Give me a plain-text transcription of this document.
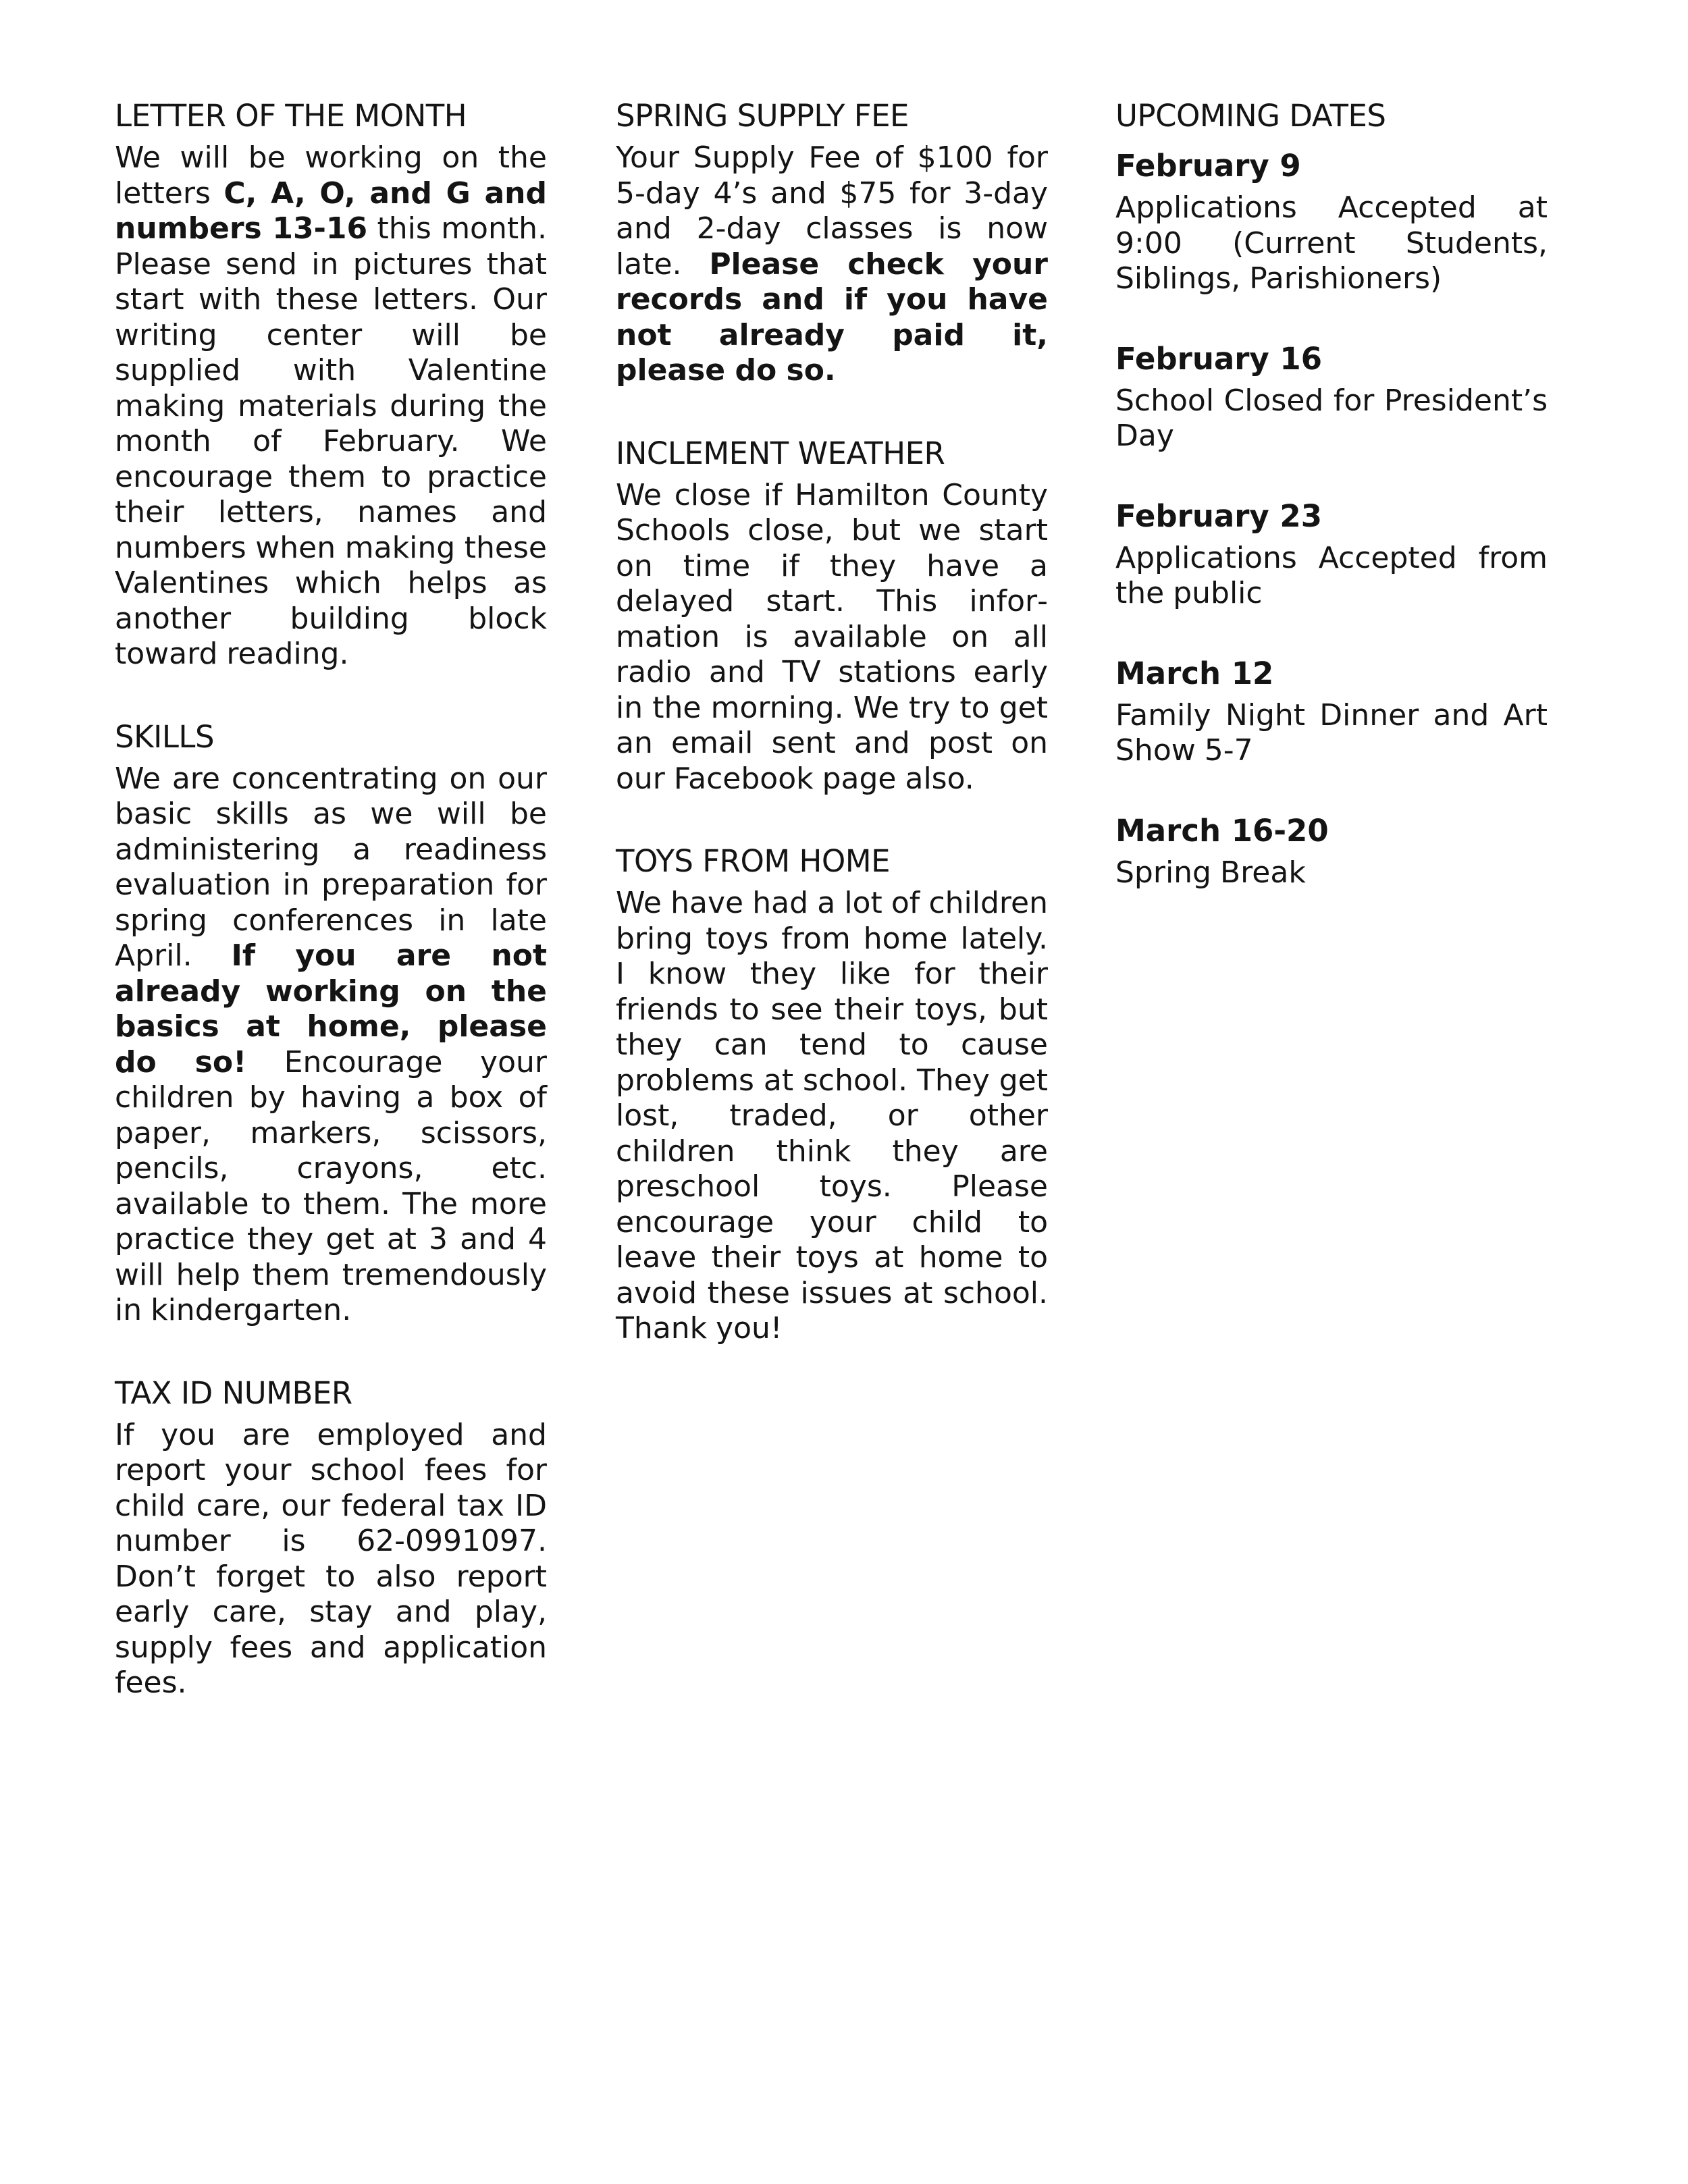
LETTER OF THE MONTH

We will be working on the letters C, A, O, and G and numbers 13-16 this month. Please send in pictures that start with these letters. Our writing center will be supplied with Valentine making materials during the month of February. We encourage them to practice their letters, names and numbers when making these Valentines which helps as another building block toward reading.

SKILLS

We are concentrating on our basic skills as we will be administering a readiness evaluation in preparation for spring conferences in late April. If you are not already working on the basics at home, please do so! Encourage your children by having a box of paper, markers, scissors, pencils, crayons, etc. available to them. The more practice they get at 3 and 4 will help them tremendously in kindergarten.

TAX ID NUMBER

If you are employed and report your school fees for child care, our federal tax ID number is 62-0991097. Don’t forget to also report early care, stay and play, supply fees and application fees.

SPRING SUPPLY FEE

Your Supply Fee of $100 for 5-day 4’s and $75 for 3-day and 2-day classes is now late. Please check your records and if you have not already paid it, please do so.

INCLEMENT WEATHER

We close if Hamilton County Schools close, but we start on time if they have a delayed start. This information is available on all radio and TV stations early in the morning. We try to get an email sent and post on our Facebook page also.

TOYS FROM HOME

We have had a lot of children bring toys from home lately. I know they like for their friends to see their toys, but they can tend to cause problems at school. They get lost, traded, or other children think they are preschool toys. Please encourage your child to leave their toys at home to avoid these issues at school. Thank you!

UPCOMING DATES
February 9

Applications Accepted at 9:00 (Current Students, Siblings, Parishioners)

February 16

School Closed for President’s Day

February 23

Applications Accepted from the public

March 12

Family Night Dinner and Art Show 5-7

March 16-20

Spring Break
